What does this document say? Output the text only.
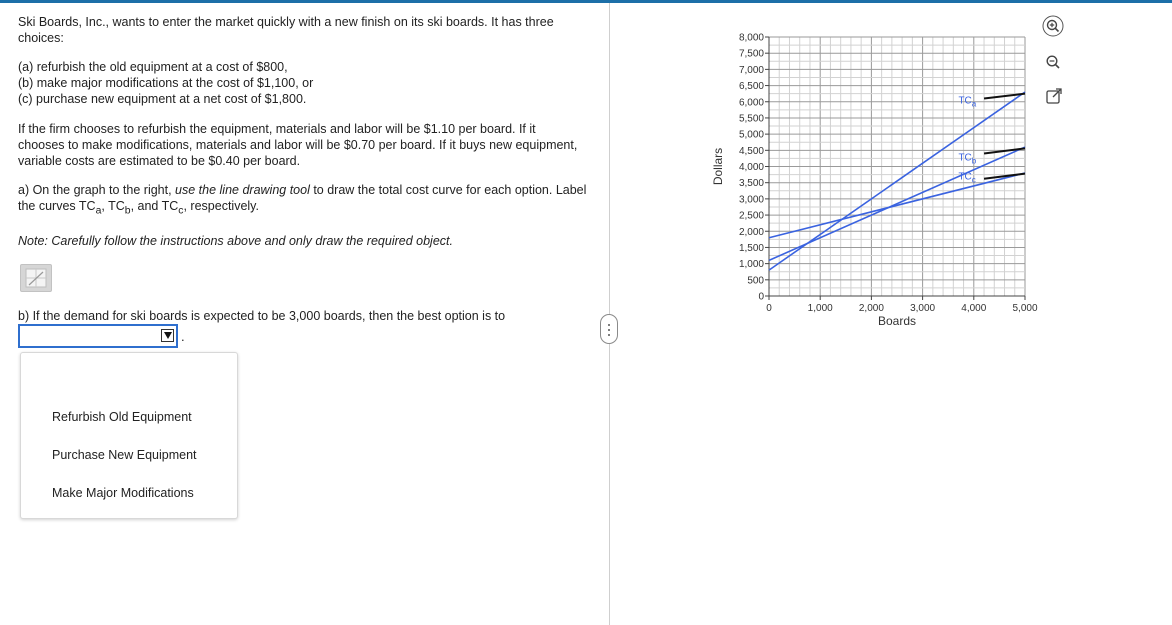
Ski Boards, Inc., wants to enter the market quickly with a new finish on its ski boards. It has three choices:

(a) refurbish the old equipment at a cost of $800,

(b) make major modifications at the cost of $1,100, or

(c) purchase new equipment at a net cost of $1,800.

If the firm chooses to refurbish the equipment, materials and labor will be $1.10 per board. If it chooses to make modifications, materials and labor will be $0.70 per board. If it buys new equipment, variable costs are estimated to be $0.40 per board.

a) On the graph to the right, use the line drawing tool to draw the total cost curve for each option. Label the curves $TC_a$, $TC_b$, and $TC_c$, respectively.

Note: Carefully follow the instructions above and only draw the required object.

b) If the demand for ski boards is expected to be 3,000 boards, then the best option is to

.
Refurbish Old Equipment
Purchase New Equipment
Make Major Modifications
0
500
1,000
1,500
2,000
2,500
3,000
3,500
4,000
4,500
5,000
5,500
6,000
6,500
7,000
7,500
8,000
0	1,000	2,000	3,000	4,000	5,000
Dollars
Boards
$TC_a$
$TC_b$
$TC_c$
